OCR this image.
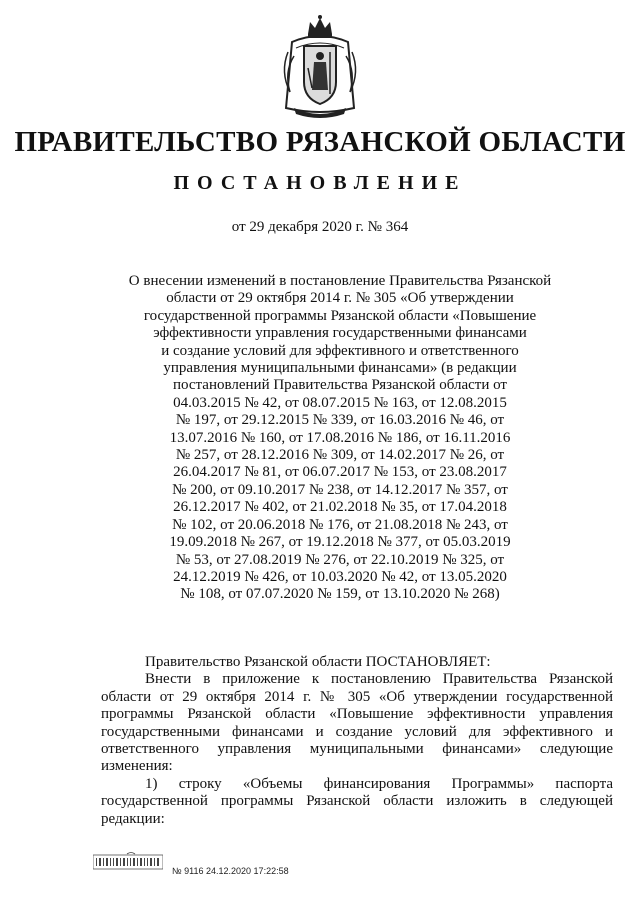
ПРАВИТЕЛЬСТВО РЯЗАНСКОЙ ОБЛАСТИ
ПОСТАНОВЛЕНИЕ
от 29 декабря 2020 г. № 364
О внесении изменений в постановление Правительства Рязанской
области от 29 октября 2014 г. № 305 «Об утверждении
государственной программы Рязанской области «Повышение
эффективности управления государственными финансами
и создание условий для эффективного и ответственного
управления муниципальными финансами» (в редакции
постановлений Правительства Рязанской области от
04.03.2015 № 42, от 08.07.2015 № 163, от 12.08.2015
№ 197, от 29.12.2015 № 339, от 16.03.2016 № 46, от
13.07.2016 № 160, от 17.08.2016 № 186, от 16.11.2016
№ 257, от 28.12.2016 № 309, от 14.02.2017 № 26, от
26.04.2017 № 81, от 06.07.2017 № 153, от 23.08.2017
№ 200, от 09.10.2017 № 238, от 14.12.2017 № 357, от
26.12.2017 № 402, от 21.02.2018 № 35, от 17.04.2018
№ 102, от 20.06.2018 № 176, от 21.08.2018 № 243, от
19.09.2018 № 267, от 19.12.2018 № 377, от 05.03.2019
№ 53, от 27.08.2019 № 276, от 22.10.2019 № 325, от
24.12.2019 № 426, от 10.03.2020 № 42, от 13.05.2020
№ 108, от 07.07.2020 № 159, от 13.10.2020 № 268)
Правительство Рязанской области ПОСТАНОВЛЯЕТ:
Внести в приложение к постановлению Правительства Рязанской
области от 29 октября 2014 г. № 305 «Об утверждении государственной
программы Рязанской области «Повышение эффективности управления
государственными финансами и создание условий для эффективного и
ответственного управления муниципальными финансами» следующие
изменения:
1) строку «Объемы финансирования Программы» паспорта
государственной программы Рязанской области изложить в следующей
редакции:
№ 9116 24.12.2020 17:22:58
